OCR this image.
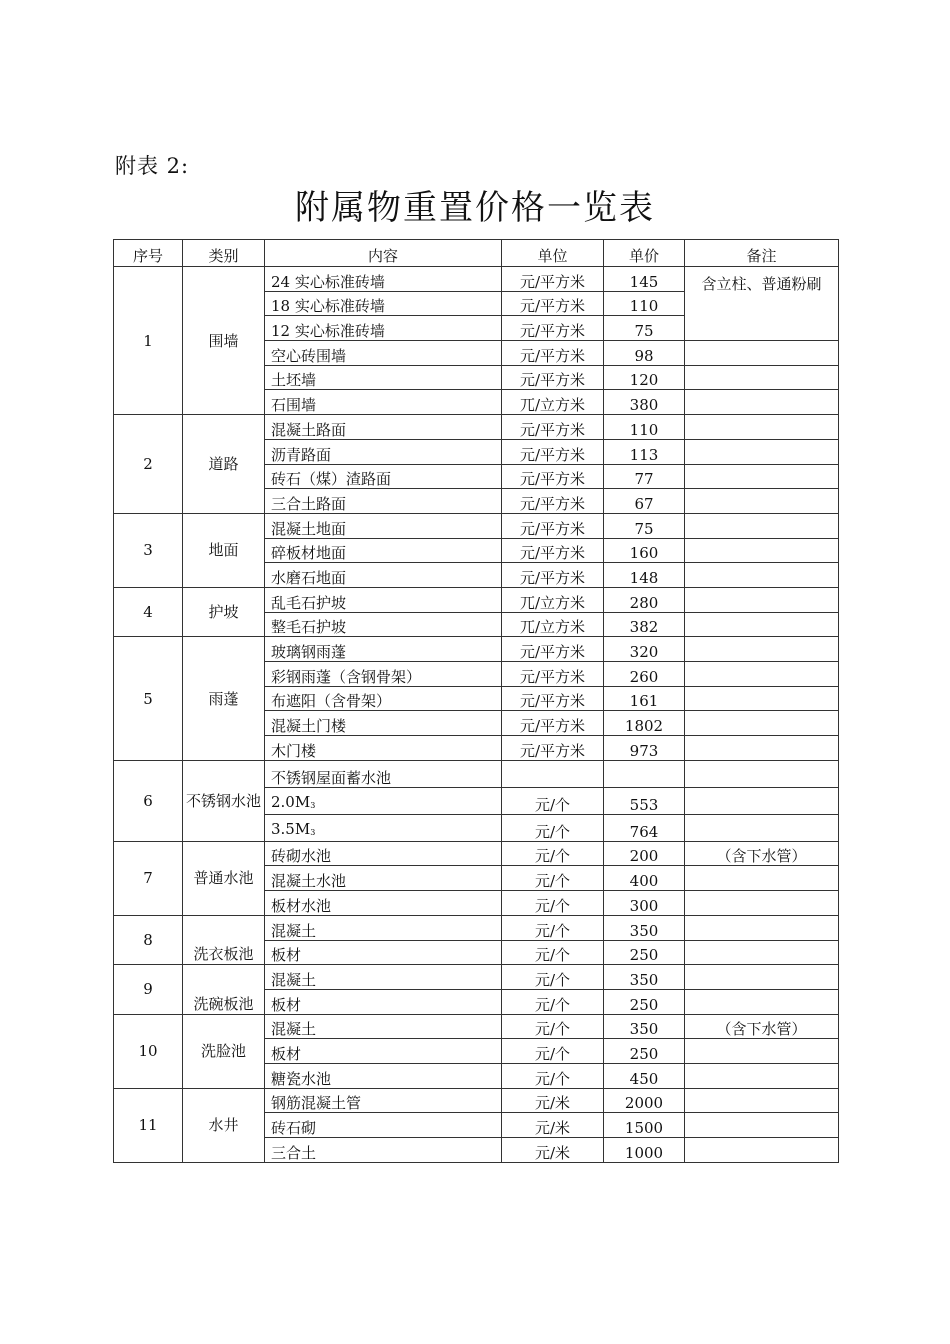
附表 2:
附属物重置价格一览表
序号	类别	内容	单位	单价	备注
1	围墙	24 实心标准砖墙	元/平方米	145	含立柱、普通粉刷
		18 实心标准砖墙	元/平方米	110	
		12 实心标准砖墙	元/平方米	75	
		空心砖围墙	元/平方米	98	
		土坯墙	元/平方米	120	
		石围墙	兀/立方米	380	
2	道路	混凝土路面	元/平方米	110	
		沥青路面	元/平方米	113	
		砖石（煤）渣路面	元/平方米	77	
		三合土路面	元/平方米	67	
3	地面	混凝土地面	元/平方米	75	
		碎板材地面	元/平方米	160	
		水磨石地面	元/平方米	148	
4	护坡	乱毛石护坡	兀/立方米	280	
		整毛石护坡	兀/立方米	382	
5	雨蓬	玻璃钢雨蓬	元/平方米	320	
		彩钢雨蓬（含钢骨架）	元/平方米	260	
		布遮阳（含骨架）	元/平方米	161	
		混凝土门楼	元/平方米	1802	
		木门楼	元/平方米	973	
6	不锈钢水池	不锈钢屋面蓄水池			
		$2.0M_3$	元/个	553	
		$3.5M_3$	元/个	764	
7	普通水池	砖砌水池	元/个	200	（含下水管）
		混凝土水池	元/个	400	
		板材水池	元/个	300	
8	洗衣板池	混凝土	元/个	350	
		板材	元/个	250	
9	洗碗板池	混凝土	元/个	350	
		板材	元/个	250	
10	洗脸池	混凝土	元/个	350	（含下水管）
		板材	元/个	250	
		糖瓷水池	元/个	450	
11	水井	钢筋混凝土管	元/米	2000	
		砖石砌	元/米	1500	
		三合土	元/米	1000	
